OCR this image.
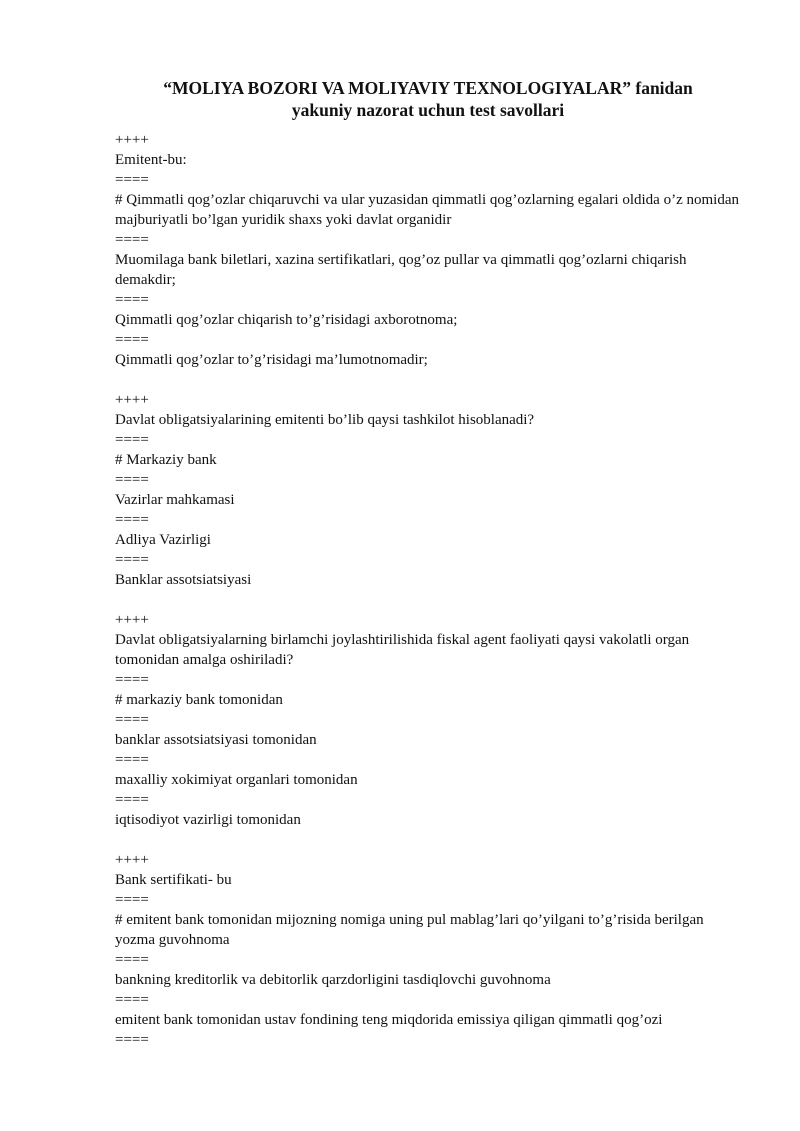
“MOLIYA BOZORI VA MOLIYAVIY TEXNOLOGIYALAR” fanidan
yakuniy nazorat uchun test savollari
++++
Emitent-bu:
====
# Qimmatli qog’ozlar chiqaruvchi va ular yuzasidan qimmatli qog’ozlarning egalari oldida o’z nomidan majburiyatli bo’lgan yuridik shaxs yoki davlat organidir
====
Muomilaga bank biletlari, xazina sertifikatlari, qog’oz pullar va qimmatli qog’ozlarni chiqarish demakdir;
====
Qimmatli qog’ozlar chiqarish to’g’risidagi axborotnoma;
====
Qimmatli qog’ozlar to’g’risidagi ma’lumotnomadir;
++++
Davlat obligatsiyalarining emitenti bo’lib qaysi tashkilot hisoblanadi?
====
# Markaziy bank
====
Vazirlar mahkamasi
====
Adliya Vazirligi
====
Banklar assotsiatsiyasi
++++
Davlat obligatsiyalarning birlamchi joylashtirilishida fiskal agent faoliyati qaysi vakolatli organ tomonidan amalga oshiriladi?
====
# markaziy bank tomonidan
====
banklar assotsiatsiyasi tomonidan
====
maxalliy xokimiyat organlari tomonidan
====
iqtisodiyot vazirligi tomonidan
++++
Bank sertifikati- bu
====
# emitent bank tomonidan mijozning nomiga uning pul mablag’lari qo’yilgani to’g’risida berilgan yozma guvohnoma
====
bankning kreditorlik va debitorlik qarzdorligini tasdiqlovchi guvohnoma
====
emitent bank tomonidan ustav fondining teng miqdorida emissiya qiligan qimmatli qog’ozi
====
